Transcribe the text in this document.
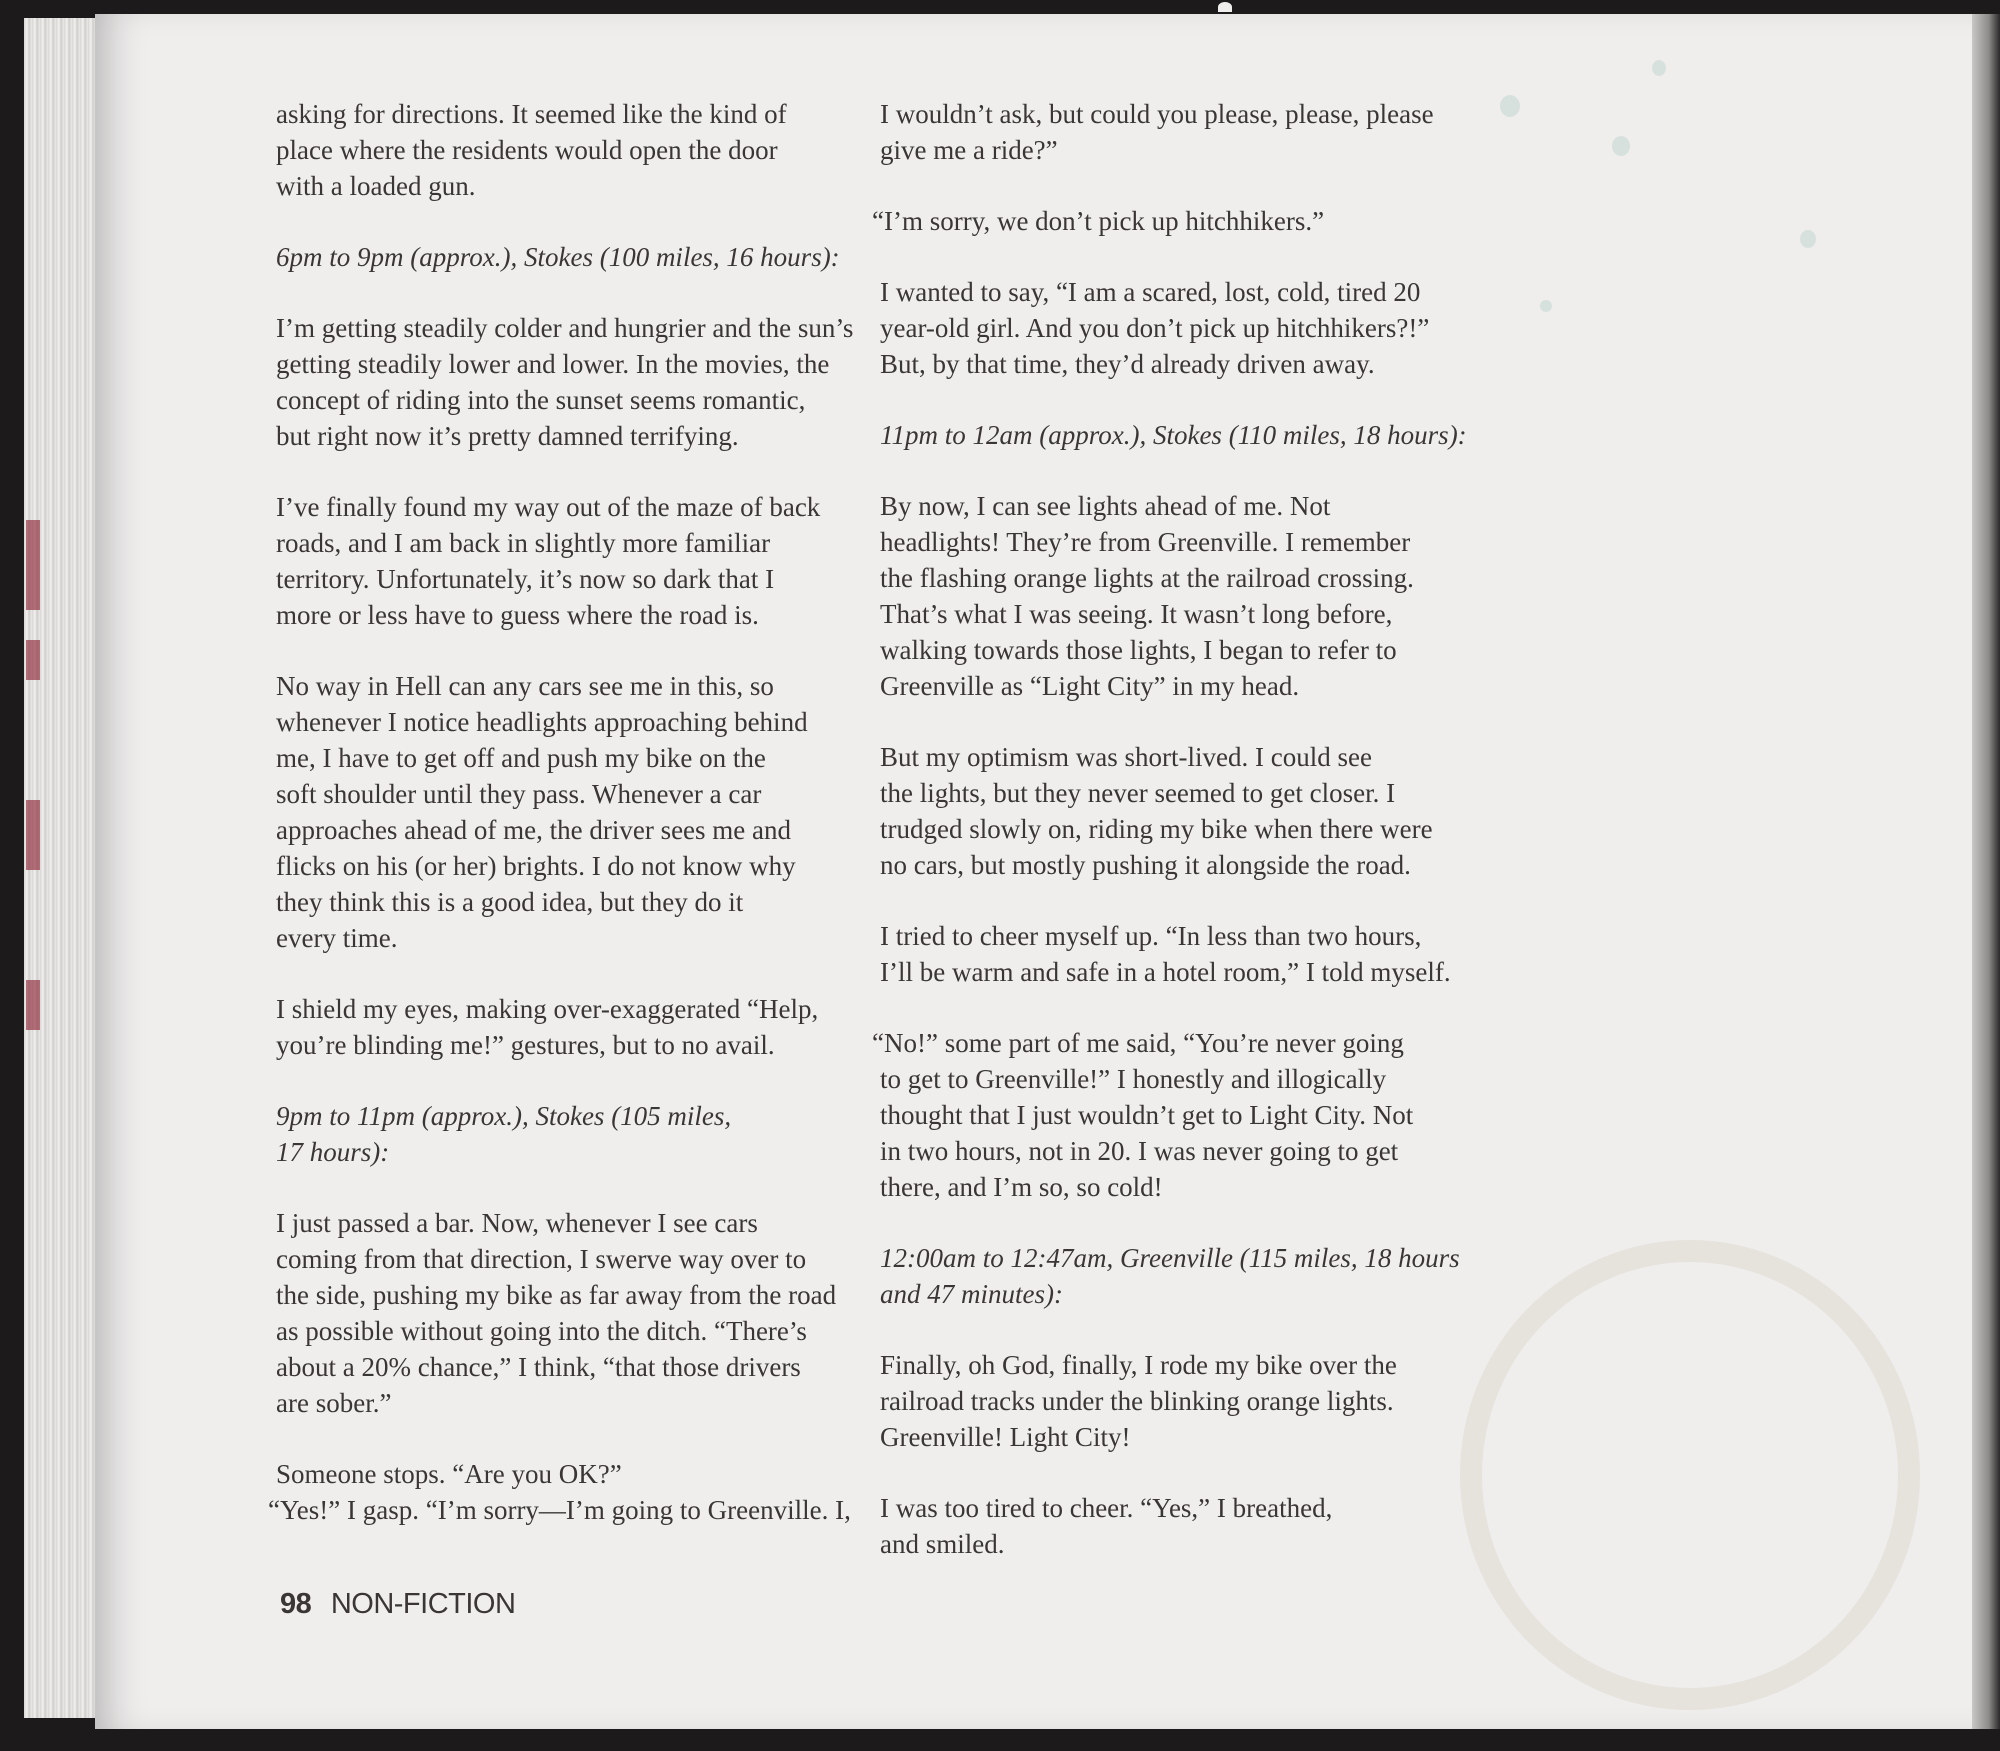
asking for directions. It seemed like the kind of
place where the residents would open the door
with a loaded gun.
6pm to 9pm (approx.), Stokes (100 miles, 16 hours):
I’m getting steadily colder and hungrier and the sun’s
getting steadily lower and lower. In the movies, the
concept of riding into the sunset seems romantic,
but right now it’s pretty damned terrifying.
I’ve finally found my way out of the maze of back
roads, and I am back in slightly more familiar
territory. Unfortunately, it’s now so dark that I
more or less have to guess where the road is.
No way in Hell can any cars see me in this, so
whenever I notice headlights approaching behind
me, I have to get off and push my bike on the
soft shoulder until they pass. Whenever a car
approaches ahead of me, the driver sees me and
flicks on his (or her) brights. I do not know why
they think this is a good idea, but they do it
every time.
I shield my eyes, making over-exaggerated “Help,
you’re blinding me!” gestures, but to no avail.
9pm to 11pm (approx.), Stokes (105 miles,
17 hours):
I just passed a bar. Now, whenever I see cars
coming from that direction, I swerve way over to
the side, pushing my bike as far away from the road
as possible without going into the ditch. “There’s
about a 20% chance,” I think, “that those drivers
are sober.”
Someone stops. “Are you OK?”
“Yes!” I gasp. “I’m sorry—I’m going to Greenville. I,
I wouldn’t ask, but could you please, please, please
give me a ride?”
“I’m sorry, we don’t pick up hitchhikers.”
I wanted to say, “I am a scared, lost, cold, tired 20
year-old girl. And you don’t pick up hitchhikers?!”
But, by that time, they’d already driven away.
11pm to 12am (approx.), Stokes (110 miles, 18 hours):
By now, I can see lights ahead of me. Not
headlights! They’re from Greenville. I remember
the flashing orange lights at the railroad crossing.
That’s what I was seeing. It wasn’t long before,
walking towards those lights, I began to refer to
Greenville as “Light City” in my head.
But my optimism was short-lived. I could see
the lights, but they never seemed to get closer. I
trudged slowly on, riding my bike when there were
no cars, but mostly pushing it alongside the road.
I tried to cheer myself up. “In less than two hours,
I’ll be warm and safe in a hotel room,” I told myself.
“No!” some part of me said, “You’re never going
to get to Greenville!” I honestly and illogically
thought that I just wouldn’t get to Light City. Not
in two hours, not in 20. I was never going to get
there, and I’m so, so cold!
12:00am to 12:47am, Greenville (115 miles, 18 hours
and 47 minutes):
Finally, oh God, finally, I rode my bike over the
railroad tracks under the blinking orange lights.
Greenville! Light City!
I was too tired to cheer. “Yes,” I breathed,
and smiled.
98 NON-FICTION
